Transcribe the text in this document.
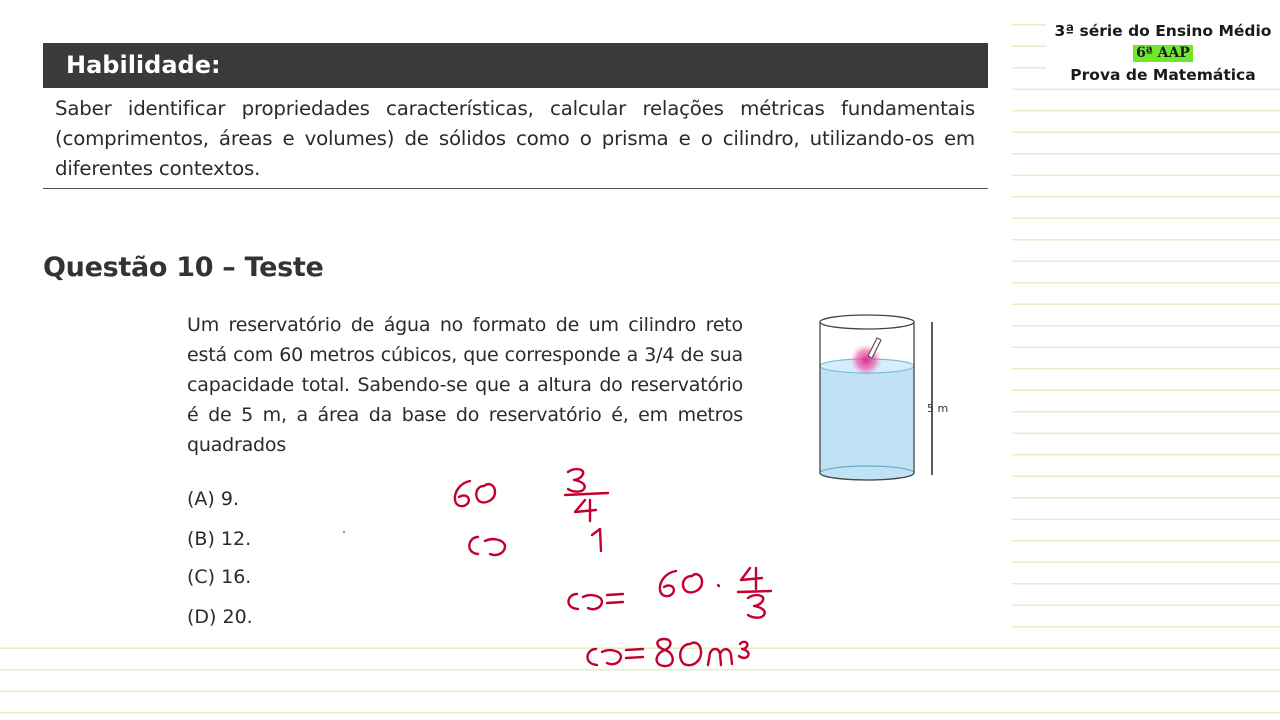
3ª série do Ensino Médio
6ª AAP
Prova de Matemática
Habilidade:
Saber identificar propriedades características, calcular relações métricas fundamentais (comprimentos, áreas e volumes) de sólidos como o prisma e o cilindro, utilizando-os em diferentes contextos.
Questão 10 – Teste
Um reservatório de água no formato de um cilindro reto está com 60 metros cúbicos, que corresponde a 3/4 de sua capacidade total. Sabendo-se que a altura do reservatório é de 5 m, a área da base do reservatório é, em metros quadrados
(A) 9.
(B) 12.
(C) 16.
(D) 20.
5 m
